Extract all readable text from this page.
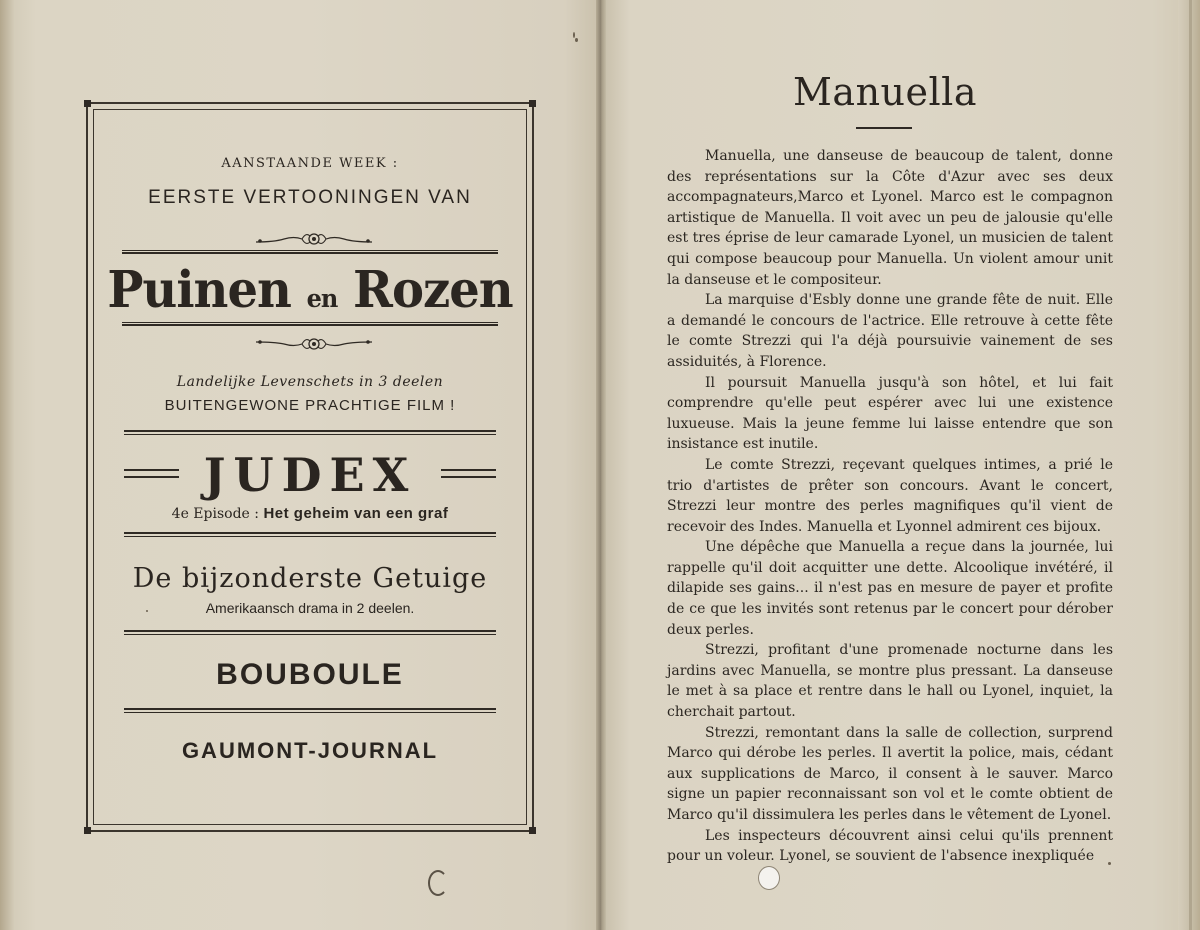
AANSTAANDE WEEK :
EERSTE VERTOONINGEN VAN
Puinen en Rozen
Landelijke Levenschets in 3 deelen
BUITENGEWONE PRACHTIGE FILM !
JUDEX
4e Episode : Het geheim van een graf
De bijzonderste Getuige
Amerikaansch drama in 2 deelen.
BOUBOULE
GAUMONT-JOURNAL
Manuella

Manuella, une danseuse de beaucoup de talent, donne des représentations sur la Côte d'Azur avec ses deux accompagnateurs,Marco et Lyonel. Marco est le compagnon artistique de Manuella. Il voit avec un peu de jalousie qu'elle est tres éprise de leur camarade Lyonel, un musicien de talent qui compose beaucoup pour Manuella. Un violent amour unit la danseuse et le compositeur.

La marquise d'Esbly donne une grande fête de nuit. Elle a demandé le concours de l'actrice. Elle retrouve à cette fête le comte Strezzi qui l'a déjà poursuivie vainement de ses assiduités, à Florence.

Il poursuit Manuella jusqu'à son hôtel, et lui fait comprendre qu'elle peut espérer avec lui une existence luxueuse. Mais la jeune femme lui laisse entendre que son insistance est inutile.

Le comte Strezzi, reçevant quelques intimes, a prié le trio d'artistes de prêter son concours. Avant le concert, Strezzi leur montre des perles magnifiques qu'il vient de recevoir des Indes. Manuella et Lyonnel admirent ces bijoux.

Une dépêche que Manuella a reçue dans la journée, lui rappelle qu'il doit acquitter une dette. Alcoolique invétéré, il dilapide ses gains... il n'est pas en mesure de payer et profite de ce que les invités sont retenus par le concert pour dérober deux perles.

Strezzi, profitant d'une promenade nocturne dans les jardins avec Manuella, se montre plus pressant. La danseuse le met à sa place et rentre dans le hall ou Lyonel, inquiet, la cherchait partout.

Strezzi, remontant dans la salle de collection, surprend Marco qui dérobe les perles. Il avertit la police, mais, cédant aux supplications de Marco, il consent à le sauver. Marco signe un papier reconnaissant son vol et le comte obtient de Marco qu'il dissimulera les perles dans le vêtement de Lyonel.

Les inspecteurs découvrent ainsi celui qu'ils prennent pour un voleur. Lyonel, se souvient de l'absence inexpliquée
